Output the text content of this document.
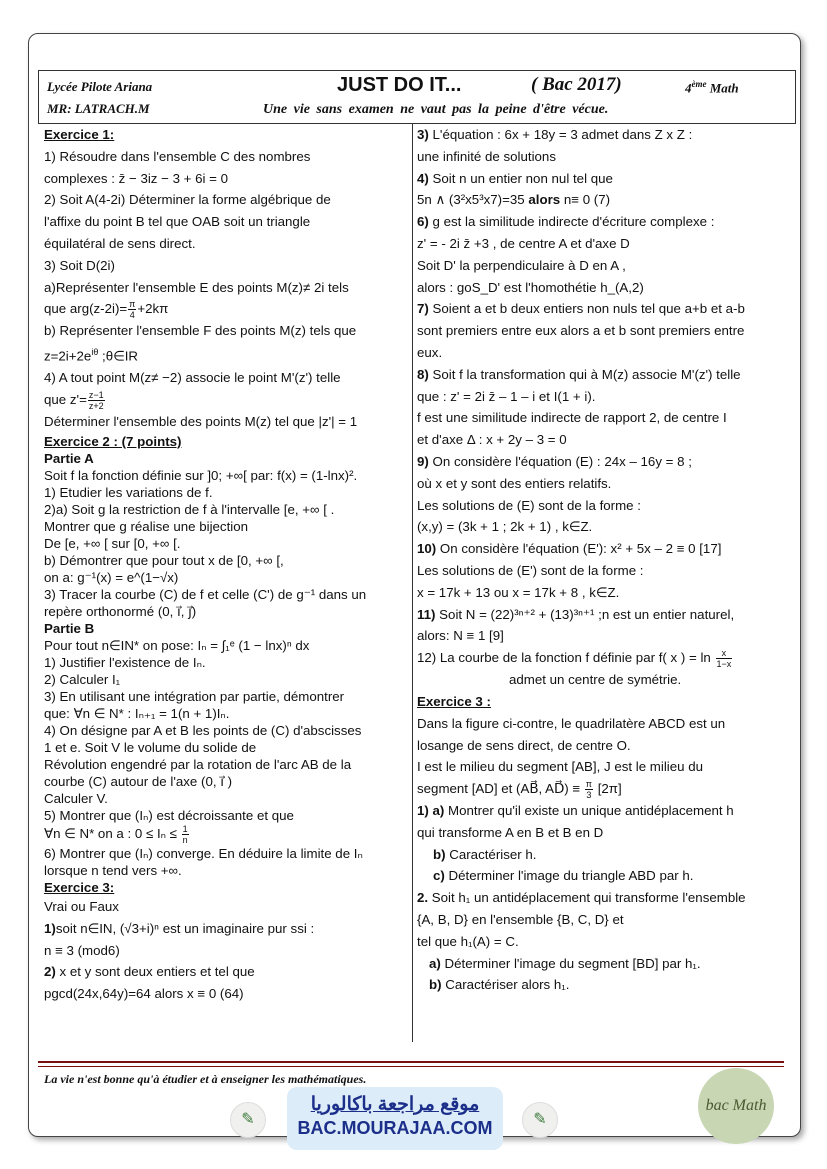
Lycée Pilote Ariana
MR: LATRACH.M
JUST DO IT...	( Bac 2017)	4ème Math
Une vie sans examen ne vaut pas la peine d'être vécue.

Exercice 1:

1) Résoudre dans l'ensemble C des nombres

complexes : z̄ − 3iz − 3 + 6i = 0

2) Soit A(4-2i) Déterminer la forme algébrique de

l'affixe du point B tel que OAB soit un triangle

équilatéral de sens direct.

3) Soit D(2i)

a)Représenter l'ensemble E des points M(z)≠ 2i tels

que $arg(z-2i)= \frac{\pi}{4} +2k\pi$

b) Représenter l'ensemble F des points M(z) tels que

$z=2i+2e^{i\theta}$ ;θ∈IR

4) A tout point M(z≠ −2) associe le point M'(z') telle

que $z'= \frac{z-1}{z+2}$

Déterminer l'ensemble des points M(z) tel que |z'| = 1

Exercice 2 : (7 points)

Partie A

Soit f la fonction définie sur ]0; +∞[ par: f(x) = (1-lnx)².

1) Etudier les variations de f.

2)a) Soit g la restriction de f à l'intervalle [e, +∞ [ .

Montrer que g réalise une bijection

De [e, +∞ [ sur [0, +∞ [.

b) Démontrer que pour tout x de [0, +∞ [,

on a: g⁻¹(x) = e^(1−√x)

3) Tracer la courbe (C) de f et celle (C') de g⁻¹ dans un

repère orthonormé (0, i⃗, j⃗)

Partie B

Pour tout n∈IN* on pose: Iₙ = ∫₁ᵉ (1 − lnx)ⁿ dx

1) Justifier l'existence de Iₙ.

2) Calculer I₁

3) En utilisant une intégration par partie, démontrer

que: ∀n ∈ N* : Iₙ₊₁ = 1(n + 1)Iₙ.

4) On désigne par A et B les points de (C) d'abscisses

1 et e. Soit V le volume du solide de

Révolution engendré par la rotation de l'arc AB de la

courbe (C) autour de l'axe (0, i⃗ )

Calculer V.

5) Montrer que (Iₙ) est décroissante et que

∀n ∈ N* on a : $0 \le I_n \le \frac{1}{n}$

6) Montrer que (Iₙ) converge. En déduire la limite de Iₙ

lorsque n tend vers +∞.

Exercice 3:

Vrai ou Faux

1)soit n∈IN, (√3+i)ⁿ est un imaginaire pur ssi :

n ≡ 3 (mod6)

2) x et y sont deux entiers et tel que

pgcd(24x,64y)=64 alors x ≡ 0 (64)

3) L'équation : 6x + 18y = 3 admet dans Z x Z :

une infinité de solutions

4) Soit n un entier non nul tel que

5n ∧ (3²x5³x7)=35 alors n≡ 0 (7)

6) g est la similitude indirecte d'écriture complexe :

z' = - 2i z̄ +3 , de centre A et d'axe D

Soit D' la perpendiculaire à D en A ,

alors : goS_D' est l'homothétie h_(A,2)

7) Soient a et b deux entiers non nuls tel que a+b et a-b

sont premiers entre eux alors a et b sont premiers entre

eux.

8) Soit f la transformation qui à M(z) associe M'(z') telle

que : z' = 2i z̄ – 1 – i et I(1 + i).

f est une similitude indirecte de rapport 2, de centre I

et d'axe Δ : x + 2y – 3 = 0

9) On considère l'équation (E) : 24x – 16y = 8 ;

où x et y sont des entiers relatifs.

Les solutions de (E) sont de la forme :

(x,y) = (3k + 1 ; 2k + 1) , k∈Z.

10) On considère l'équation (E'): x² + 5x – 2 ≡ 0 [17]

Les solutions de (E') sont de la forme :

x = 17k + 13 ou x = 17k + 8 , k∈Z.

11) Soit N = (22)³ⁿ⁺² + (13)³ⁿ⁺¹ ;n est un entier naturel,

alors: N ≡ 1 [9]

12) La courbe de la fonction f définie par f( x ) = $\ln \frac{x}{1-x}$

admet un centre de symétrie.

Exercice 3 :

Dans la figure ci-contre, le quadrilatère ABCD est un

losange de sens direct, de centre O.

I est le milieu du segment [AB], J est le milieu du

segment [AD] et (AB⃗, AD⃗) ≡ $\frac{\pi}{3} [2\pi]$

1) a) Montrer qu'il existe un unique antidéplacement h

qui transforme A en B et B en D

b) Caractériser h.

c) Déterminer l'image du triangle ABD par h.

2. Soit h₁ un antidéplacement qui transforme l'ensemble

{A, B, D} en l'ensemble {B, C, D} et

tel que h₁(A) = C.

a) Déterminer l'image du segment [BD] par h₁.

b) Caractériser alors h₁.

La vie n'est bonne qu'à étudier et à enseigner les mathématiques.
✎
موقع مراجعة باكالوريا
BAC.MOURAJAA.COM	✎
bac Math
